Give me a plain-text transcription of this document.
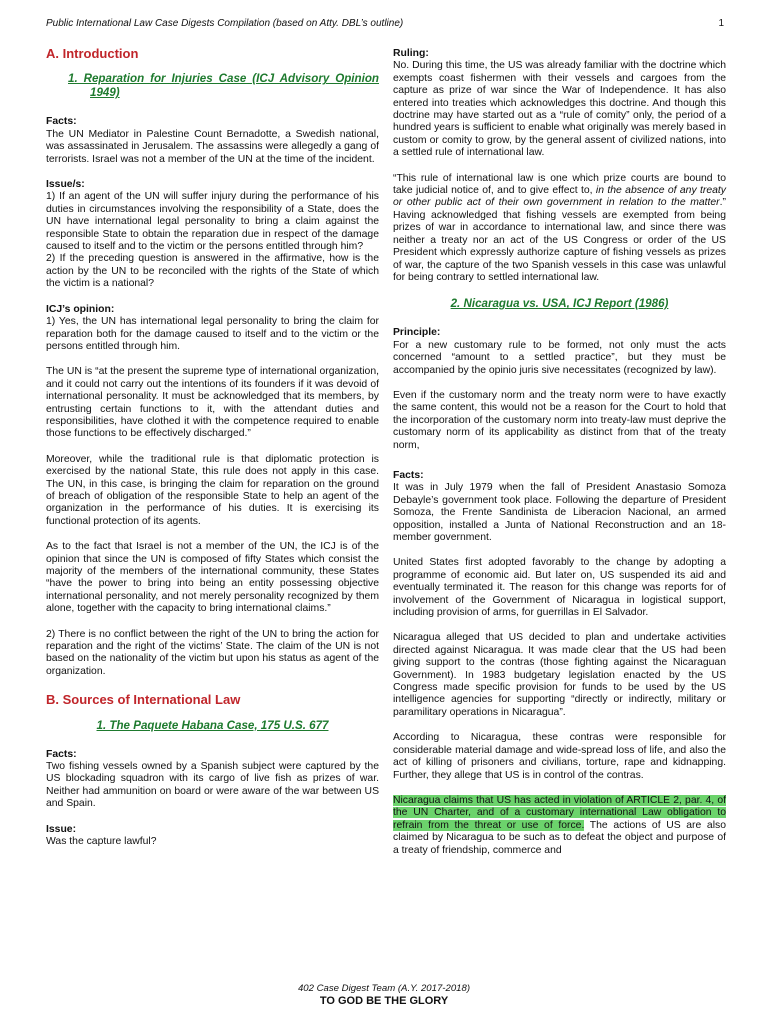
Public International Law Case Digests Compilation (based on Atty. DBL’s outline)	1

A. Introduction

1. Reparation for Injuries Case (ICJ Advisory Opinion 1949)

Facts:

The UN Mediator in Palestine Count Bernadotte, a Swedish national, was assassinated in Jerusalem. The assassins were allegedly a gang of terrorists. Israel was not a member of the UN at the time of the incident.

Issue/s:

1) If an agent of the UN will suffer injury during the performance of his duties in circumstances involving the responsibility of a State, does the UN have international legal personality to bring a claim against the responsible State to obtain the reparation due in respect of the damage caused to itself and to the victim or the persons entitled through him?

2) If the preceding question is answered in the affirmative, how is the action by the UN to be reconciled with the rights of the State of which the victim is a national?

ICJ’s opinion:

1) Yes, the UN has international legal personality to bring the claim for reparation both for the damage caused to itself and to the victim or the persons entitled through him.

The UN is “at the present the supreme type of international organization, and it could not carry out the intentions of its founders if it was devoid of international personality. It must be acknowledged that its members, by entrusting certain functions to it, with the attendant duties and responsibilities, have clothed it with the competence required to enable those functions to be effectively discharged.”

Moreover, while the traditional rule is that diplomatic protection is exercised by the national State, this rule does not apply in this case. The UN, in this case, is bringing the claim for reparation on the ground of breach of obligation of the responsible State to help an agent of the organization in the performance of his duties. It is exercising its functional protection of its agents.

As to the fact that Israel is not a member of the UN, the ICJ is of the opinion that since the UN is composed of fifty States which consist the majority of the members of the international community, these States “have the power to bring into being an entity possessing objective international personality, and not merely personality recognized by them alone, together with the capacity to bring international claims.”

2) There is no conflict between the right of the UN to bring the action for reparation and the right of the victims’ State. The claim of the UN is not based on the nationality of the victim but upon his status as agent of the organization.

B. Sources of International Law

1. The Paquete Habana Case, 175 U.S. 677

Facts:

Two fishing vessels owned by a Spanish subject were captured by the US blockading squadron with its cargo of live fish as prizes of war. Neither had ammunition on board or were aware of the war between US and Spain.

Issue:

Was the capture lawful?

Ruling:

No. During this time, the US was already familiar with the doctrine which exempts coast fishermen with their vessels and cargoes from the capture as prize of war since the War of Independence. It has also entered into treaties which acknowledges this doctrine. And though this doctrine may have started out as a “rule of comity” only, the period of a hundred years is sufficient to enable what originally was merely based in custom or comity to grow, by the general assent of civilized nations, into a settled rule of international law.

“This rule of international law is one which prize courts are bound to take judicial notice of, and to give effect to, in the absence of any treaty or other public act of their own government in relation to the matter.” Having acknowledged that fishing vessels are exempted from being prizes of war in accordance to international law, and since there was neither a treaty nor an act of the US Congress or order of the US President which expressly authorize capture of fishing vessels as prizes of war, the capture of the two Spanish vessels in this case was unlawful for being contrary to settled international law.

2. Nicaragua vs. USA, ICJ Report (1986)

Principle:

For a new customary rule to be formed, not only must the acts concerned “amount to a settled practice”, but they must be accompanied by the opinio juris sive necessitates (recognized by law).

Even if the customary norm and the treaty norm were to have exactly the same content, this would not be a reason for the Court to hold that the incorporation of the customary norm into treaty-law must deprive the customary norm of its applicability as distinct from that of the treaty norm,

Facts:

It was in July 1979 when the fall of President Anastasio Somoza Debayle’s government took place. Following the departure of President Somoza, the Frente Sandinista de Liberacion Nacional, an armed opposition, installed a Junta of National Reconstruction and an 18-member government.

United States first adopted favorably to the change by adopting a programme of economic aid. But later on, US suspended its aid and eventually terminated it. The reason for this change was reports for of involvement of the Government of Nicaragua in logistical support, including provision of arms, for guerrillas in El Salvador.

Nicaragua alleged that US decided to plan and undertake activities directed against Nicaragua. It was made clear that the US had been giving support to the contras (those fighting against the Nicaraguan Government). In 1983 budgetary legislation enacted by the US Congress made specific provision for funds to be used by the US intelligence agencies for supporting “directly or indirectly, military or paramilitary operations in Nicaragua”.

According to Nicaragua, these contras were responsible for considerable material damage and wide-spread loss of life, and also the act of killing of prisoners and civilians, torture, rape and kidnapping. Further, they allege that US is in control of the contras.

Nicaragua claims that US has acted in violation of ARTICLE 2, par. 4, of the UN Charter, and of a customary international Law obligation to refrain from the threat or use of force. The actions of US are also claimed by Nicaragua to be such as to defeat the object and purpose of a treaty of friendship, commerce and

402 Case Digest Team (A.Y. 2017-2018)
TO GOD BE THE GLORY
